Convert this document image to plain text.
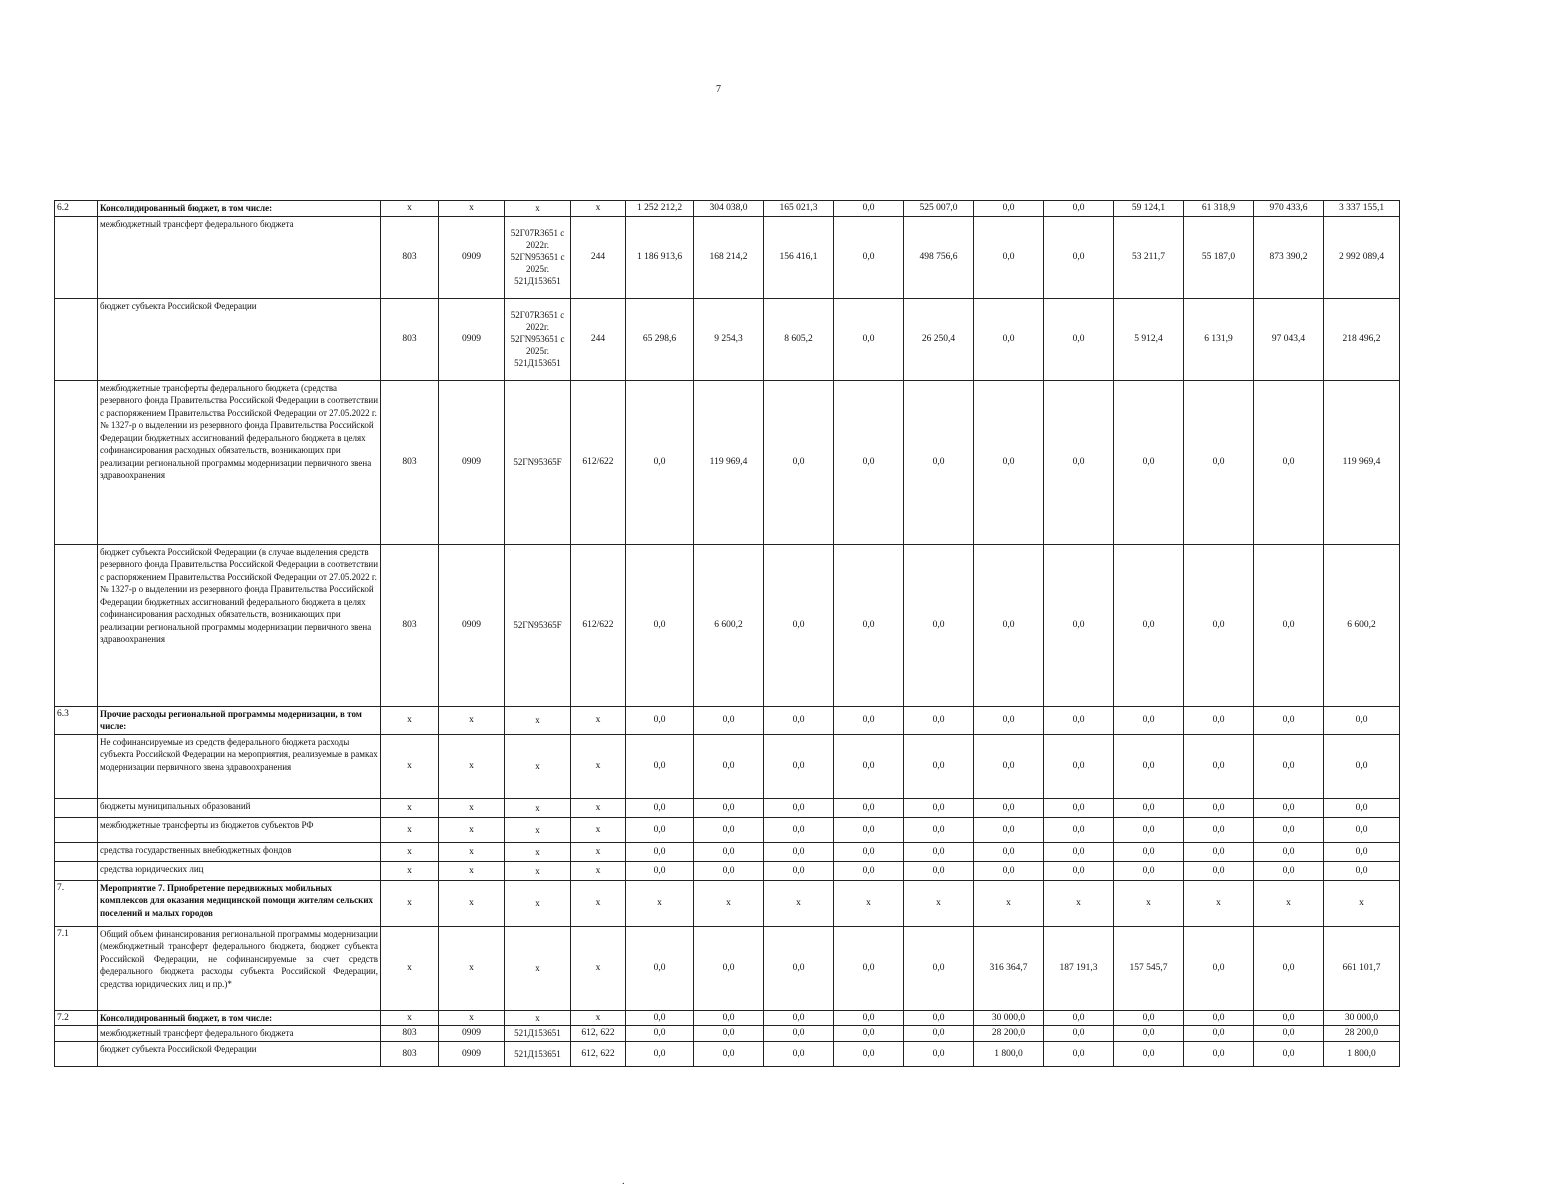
7
6.2	Консолидированный бюджет, в том числе:	x	x	x	x	1 252 212,2	304 038,0	165 021,3	0,0	525 007,0	0,0	0,0	59 124,1	61 318,9	970 433,6	3 337 155,1
	межбюджетный трансферт федерального бюджета	803	0909	52Г07R3651 с 2022г. 52ГN953651 с 2025г. 521Д153651	244	1 186 913,6	168 214,2	156 416,1	0,0	498 756,6	0,0	0,0	53 211,7	55 187,0	873 390,2	2 992 089,4
	бюджет субъекта Российской Федерации	803	0909	52Г07R3651 с 2022г. 52ГN953651 с 2025г. 521Д153651	244	65 298,6	9 254,3	8 605,2	0,0	26 250,4	0,0	0,0	5 912,4	6 131,9	97 043,4	218 496,2
	межбюджетные трансферты федерального бюджета (средства резервного фонда Правительства Российской Федерации в соответствии с распоряжением Правительства Российской Федерации от 27.05.2022 г. № 1327-р о выделении из резервного фонда Правительства Российской Федерации бюджетных ассигнований федерального бюджета в целях софинансирования расходных обязательств, возникающих при реализации региональной программы модернизации первичного звена здравоохранения	803	0909	52ГN95365F	612/622	0,0	119 969,4	0,0	0,0	0,0	0,0	0,0	0,0	0,0	0,0	119 969,4
	бюджет субъекта Российской Федерации (в случае выделения средств резервного фонда Правительства Российской Федерации в соответствии с распоряжением Правительства Российской Федерации от 27.05.2022 г. № 1327-р о выделении из резервного фонда Правительства Российской Федерации бюджетных ассигнований федерального бюджета в целях софинансирования расходных обязательств, возникающих при реализации региональной программы модернизации первичного звена здравоохранения	803	0909	52ГN95365F	612/622	0,0	6 600,2	0,0	0,0	0,0	0,0	0,0	0,0	0,0	0,0	6 600,2
6.3	Прочие расходы региональной программы модернизации, в том числе:	x	x	x	x	0,0	0,0	0,0	0,0	0,0	0,0	0,0	0,0	0,0	0,0	0,0
	Не софинансируемые из средств федерального бюджета расходы субъекта Российской Федерации на мероприятия, реализуемые в рамках модернизации первичного звена здравоохранения	x	x	x	x	0,0	0,0	0,0	0,0	0,0	0,0	0,0	0,0	0,0	0,0	0,0
	бюджеты муниципальных образований	x	x	x	x	0,0	0,0	0,0	0,0	0,0	0,0	0,0	0,0	0,0	0,0	0,0
	межбюджетные трансферты из бюджетов субъектов РФ	x	x	x	x	0,0	0,0	0,0	0,0	0,0	0,0	0,0	0,0	0,0	0,0	0,0
	средства государственных внебюджетных фондов	x	x	x	x	0,0	0,0	0,0	0,0	0,0	0,0	0,0	0,0	0,0	0,0	0,0
	средства юридических лиц	x	x	x	x	0,0	0,0	0,0	0,0	0,0	0,0	0,0	0,0	0,0	0,0	0,0
7.	Мероприятие 7. Приобретение передвижных мобильных комплексов для оказания медицинской помощи жителям сельских поселений и малых городов	x	x	x	x	x	x	x	x	x	x	x	x	x	x	x
7.1	Общий объем финансирования региональной программы модернизации (межбюджетный трансферт федерального бюджета, бюджет субъекта Российской Федерации, не софинансируемые за счет средств федерального бюджета расходы субъекта Российской Федерации, средства юридических лиц и пр.)*	x	x	x	x	0,0	0,0	0,0	0,0	0,0	316 364,7	187 191,3	157 545,7	0,0	0,0	661 101,7
7.2	Консолидированный бюджет, в том числе:	x	x	x	x	0,0	0,0	0,0	0,0	0,0	30 000,0	0,0	0,0	0,0	0,0	30 000,0
	межбюджетный трансферт федерального бюджета	803	0909	521Д153651	612, 622	0,0	0,0	0,0	0,0	0,0	28 200,0	0,0	0,0	0,0	0,0	28 200,0
	бюджет субъекта Российской Федерации	803	0909	521Д153651	612, 622	0,0	0,0	0,0	0,0	0,0	1 800,0	0,0	0,0	0,0	0,0	1 800,0
.
